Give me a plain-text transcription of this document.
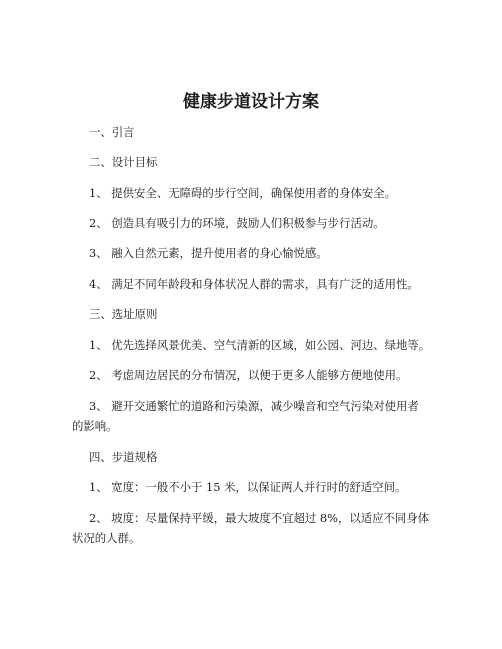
健康步道设计方案
一、引言
二、设计目标
1、 提供安全、无障碍的步行空间，确保使用者的身体安全。
2、 创造具有吸引力的环境，鼓励人们积极参与步行活动。
3、 融入自然元素，提升使用者的身心愉悦感。
4、 满足不同年龄段和身体状况人群的需求，具有广泛的适用性。
三、选址原则
1、 优先选择风景优美、空气清新的区域，如公园、河边、绿地等。
2、 考虑周边居民的分布情况，以便于更多人能够方便地使用。
3、 避开交通繁忙的道路和污染源，减少噪音和空气污染对使用者
的影响。
四、步道规格
1、 宽度：一般不小于 15 米，以保证两人并行时的舒适空间。
2、 坡度：尽量保持平缓，最大坡度不宜超过 8%，以适应不同身体
状况的人群。
